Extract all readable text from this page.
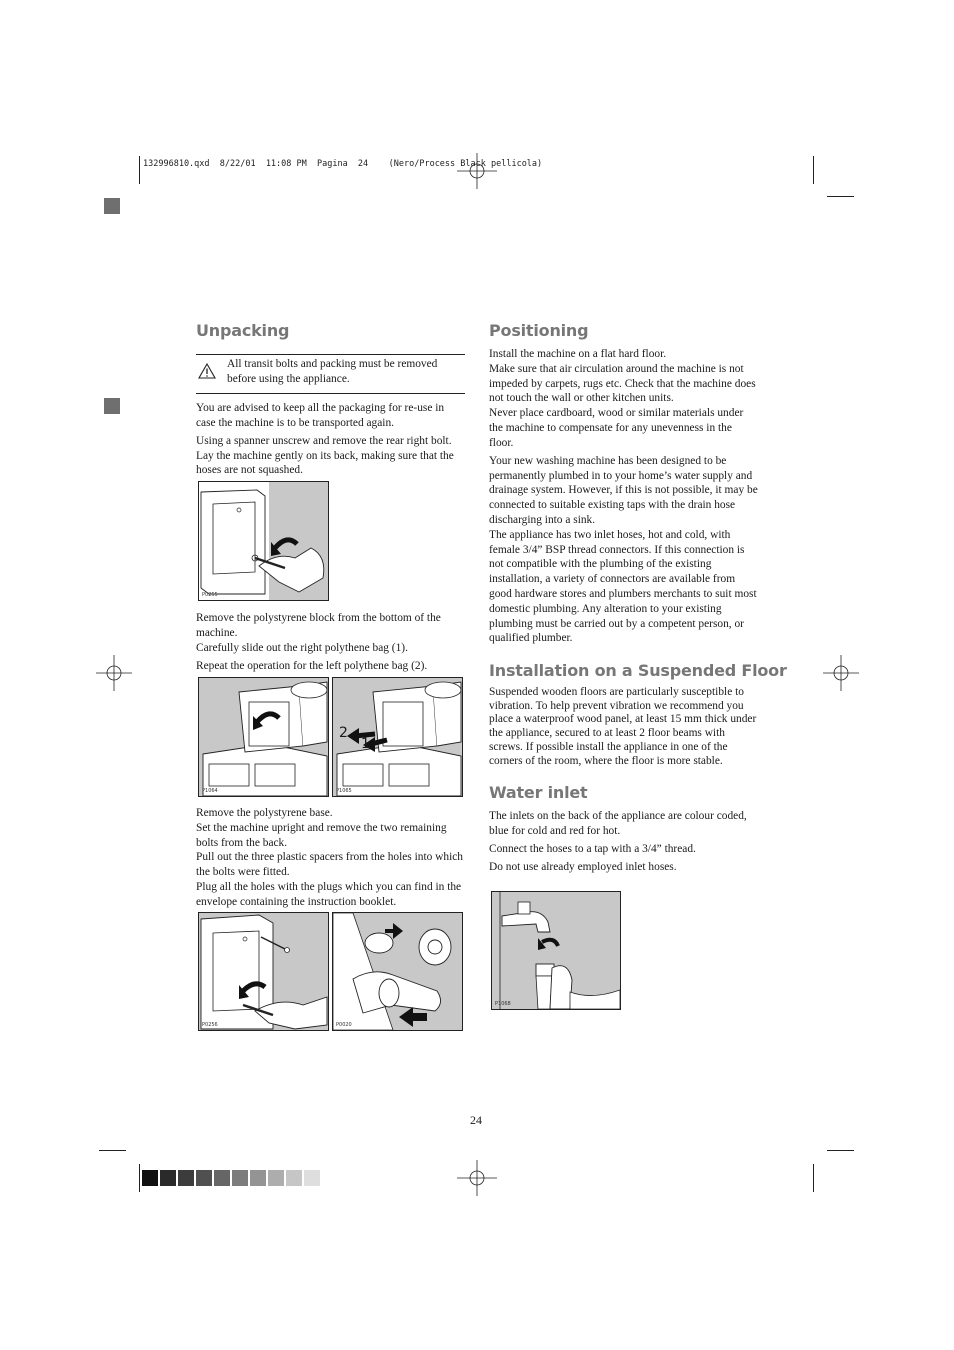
132996810.qxd  8/22/01  11:08 PM  Pagina  24    (Nero/Process Black pellicola)
Unpacking
All transit bolts and packing must be removed before using the appliance.

You are advised to keep all the packaging for re-use in case the machine is to be transported again.

Using a spanner unscrew and remove the rear right bolt. Lay the machine gently on its back, making sure that the hoses are not squashed.

P0255

Remove the polystyrene block from the bottom of the machine.

Carefully slide out the right polythene bag (1).

Repeat the operation for the left polythene bag (2).

P1064
2
1
P1065

Remove the polystyrene base.

Set the machine upright and remove the two remaining bolts from the back.

Pull out the three plastic spacers from the holes into which the bolts were fitted.

Plug all the holes with the plugs which you can find in the envelope containing the instruction booklet.

P0256	P0020
Positioning

Install the machine on a flat hard floor.

Make sure that air circulation around the machine is not impeded by carpets, rugs etc. Check that the machine does not touch the wall or other kitchen units.

Never place cardboard, wood or similar materials under the machine to compensate for any unevenness in the floor.

Your new washing machine has been designed to be permanently plumbed in to your home’s water supply and drainage system. However, if this is not possible, it may be connected to suitable existing taps with the drain hose discharging into a sink.

The appliance has two inlet hoses, hot and cold, with female 3/4” BSP thread connectors. If this connection is not compatible with the plumbing of the existing installation, a variety of connectors are available from good hardware stores and plumbers merchants to suit most domestic plumbing. Any alteration to your existing plumbing must be carried out by a competent person, or qualified plumber.

Installation on a Suspended Floor

Suspended wooden floors are particularly susceptible to vibration. To help prevent vibration we recommend you place a waterproof wood panel, at least 15 mm thick under the appliance, secured to at least 2 floor beams with screws. If possible install the appliance in one of the corners of the room, where the floor is more stable.

Water inlet

The inlets on the back of the appliance are colour coded, blue for cold and red for hot.

Connect the hoses to a tap with a 3/4” thread.

Do not use already employed inlet hoses.

P1068
24
